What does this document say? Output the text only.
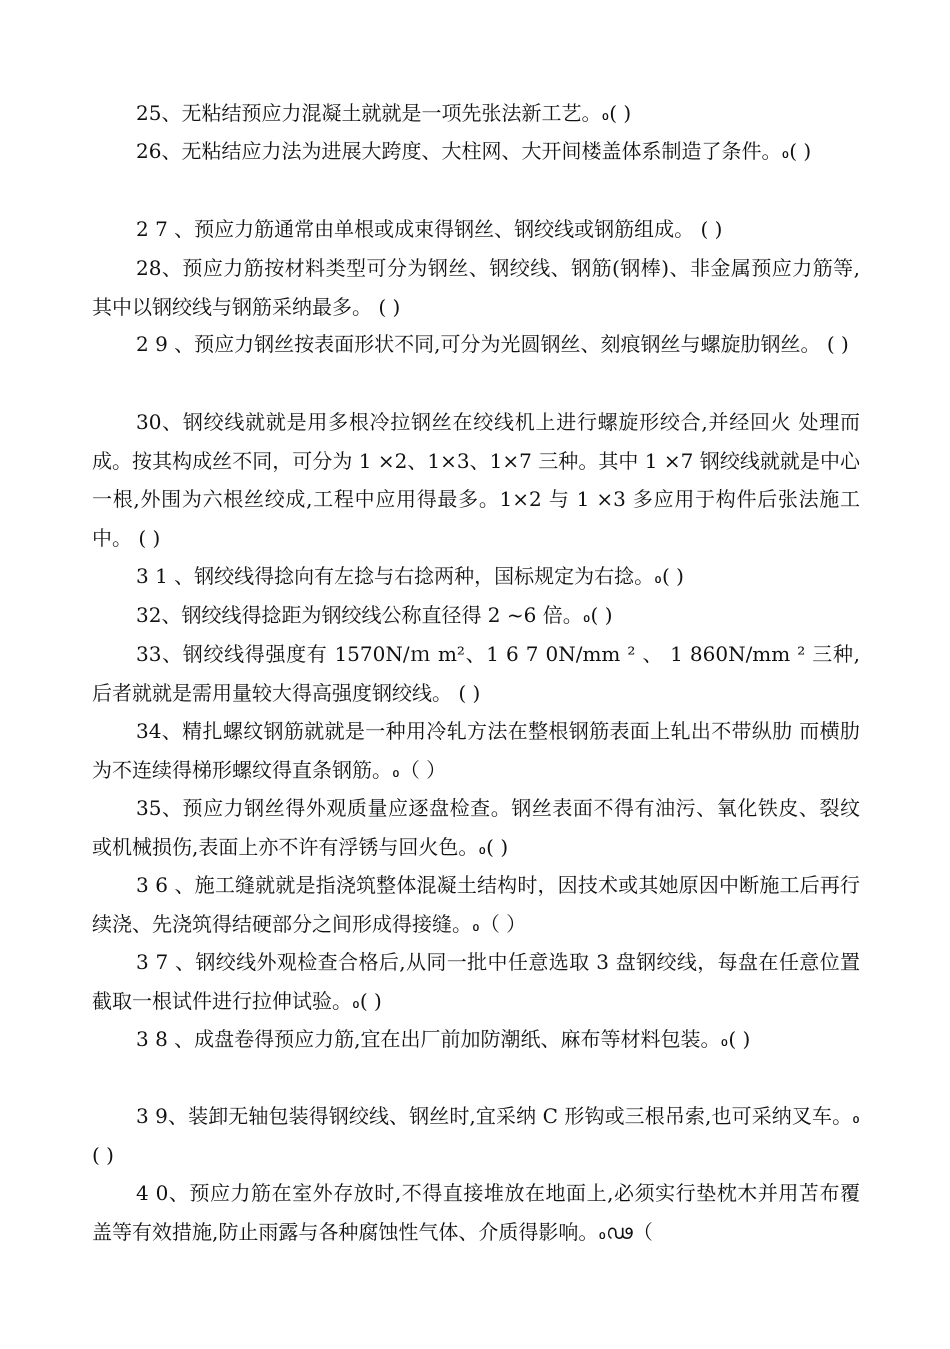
25、无粘结预应力混凝土就就是一项先张法新工艺。៰( )
26、无粘结应力法为进展大跨度、大柱网、大开间楼盖体系制造了条件。៰( )
2 7 、预应力筋通常由单根或成束得钢丝、钢绞线或钢筋组成。 ( )
28、预应力筋按材料类型可分为钢丝、钢绞线、钢筋(钢棒)、非金属预应力筋等,其中以钢绞线与钢筋采纳最多。 ( )
2 9 、预应力钢丝按表面形状不同,可分为光圆钢丝、刻痕钢丝与螺旋肋钢丝。 ( )
30、钢绞线就就是用多根冷拉钢丝在绞线机上进行螺旋形绞合,并经回火 处理而成。按其构成丝不同，可分为 1 ×2、1×3、1×7 三种。其中 1 ×7 钢绞线就就是中心一根,外围为六根丝绞成,工程中应用得最多。1×2 与 1 ×3 多应用于构件后张法施工中。 ( )
3 1 、钢绞线得捻向有左捻与右捻两种，国标规定为右捻。៰( )
32、钢绞线得捻距为钢绞线公称直径得 2 ~6 倍。៰( )
33、钢绞线得强度有 1570N/ｍ m²、1 6 7 0N/mm ² 、 1 860N/mm ² 三种,后者就就是需用量较大得高强度钢绞线。 ( )
34、精扎螺纹钢筋就就是一种用冷轧方法在整根钢筋表面上轧出不带纵肋 而横肋为不连续得梯形螺纹得直条钢筋。៰（ ）
35、预应力钢丝得外观质量应逐盘检查。钢丝表面不得有油污、氧化铁皮、裂纹或机械损伤,表面上亦不许有浮锈与回火色。៰( )
3 6 、施工缝就就是指浇筑整体混凝土结构时，因技术或其她原因中断施工后再行续浇、先浇筑得结硬部分之间形成得接缝。៰（ ）
3 7 、钢绞线外观检查合格后,从同一批中任意选取 3 盘钢绞线，每盘在任意位置截取一根试件进行拉伸试验。៰( )
3 8 、成盘卷得预应力筋,宜在出厂前加防潮纸、麻布等材料包装。៰( )
3 9、装卸无轴包装得钢绞线、钢丝时,宜采纳 C 形钩或三根吊索,也可采纳叉车。៰( )
4 0、预应力筋在室外存放时,不得直接堆放在地面上,必须实行垫枕木并用苫布覆盖等有效措施,防止雨露与各种腐蚀性气体、介质得影响。៰ഢ（
